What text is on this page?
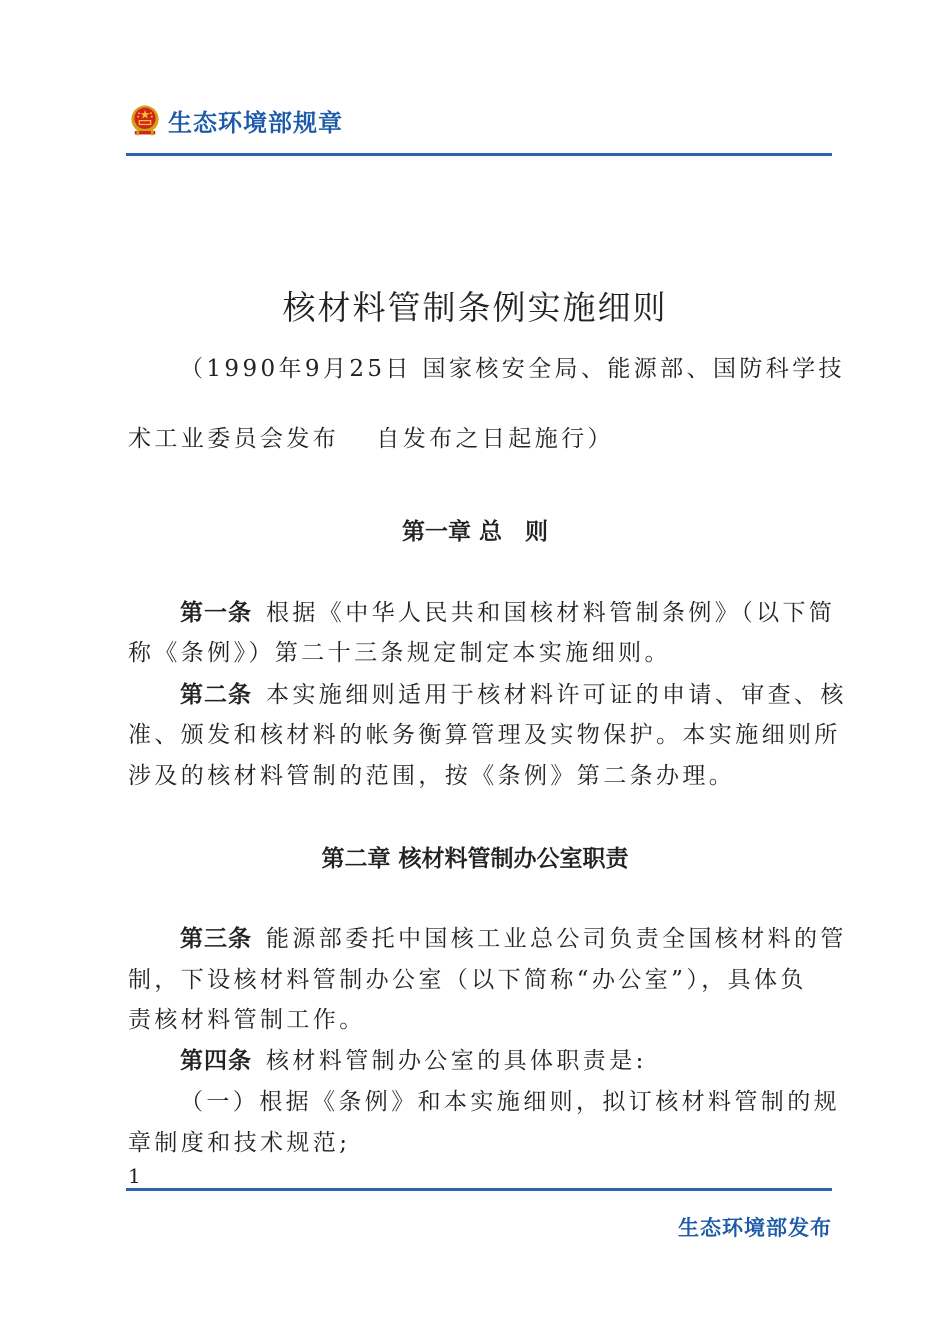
生态环境部规章
核材料管制条例实施细则
（1990年9月25日 国家核安全局、能源部、国防科学技
术工业委员会发布　 自发布之日起施行）
第一章 总　则
第一条 根据《中华人民共和国核材料管制条例》（以下简
称《条例》）第二十三条规定制定本实施细则。
第二条 本实施细则适用于核材料许可证的申请、审查、核
准、颁发和核材料的帐务衡算管理及实物保护。本实施细则所
涉及的核材料管制的范围，按《条例》第二条办理。
第二章 核材料管制办公室职责
第三条 能源部委托中国核工业总公司负责全国核材料的管
制，下设核材料管制办公室（以下简称“办公室”），具体负
责核材料管制工作。
第四条 核材料管制办公室的具体职责是:
（一）根据《条例》和本实施细则，拟订核材料管制的规
章制度和技术规范;
1
生态环境部发布
